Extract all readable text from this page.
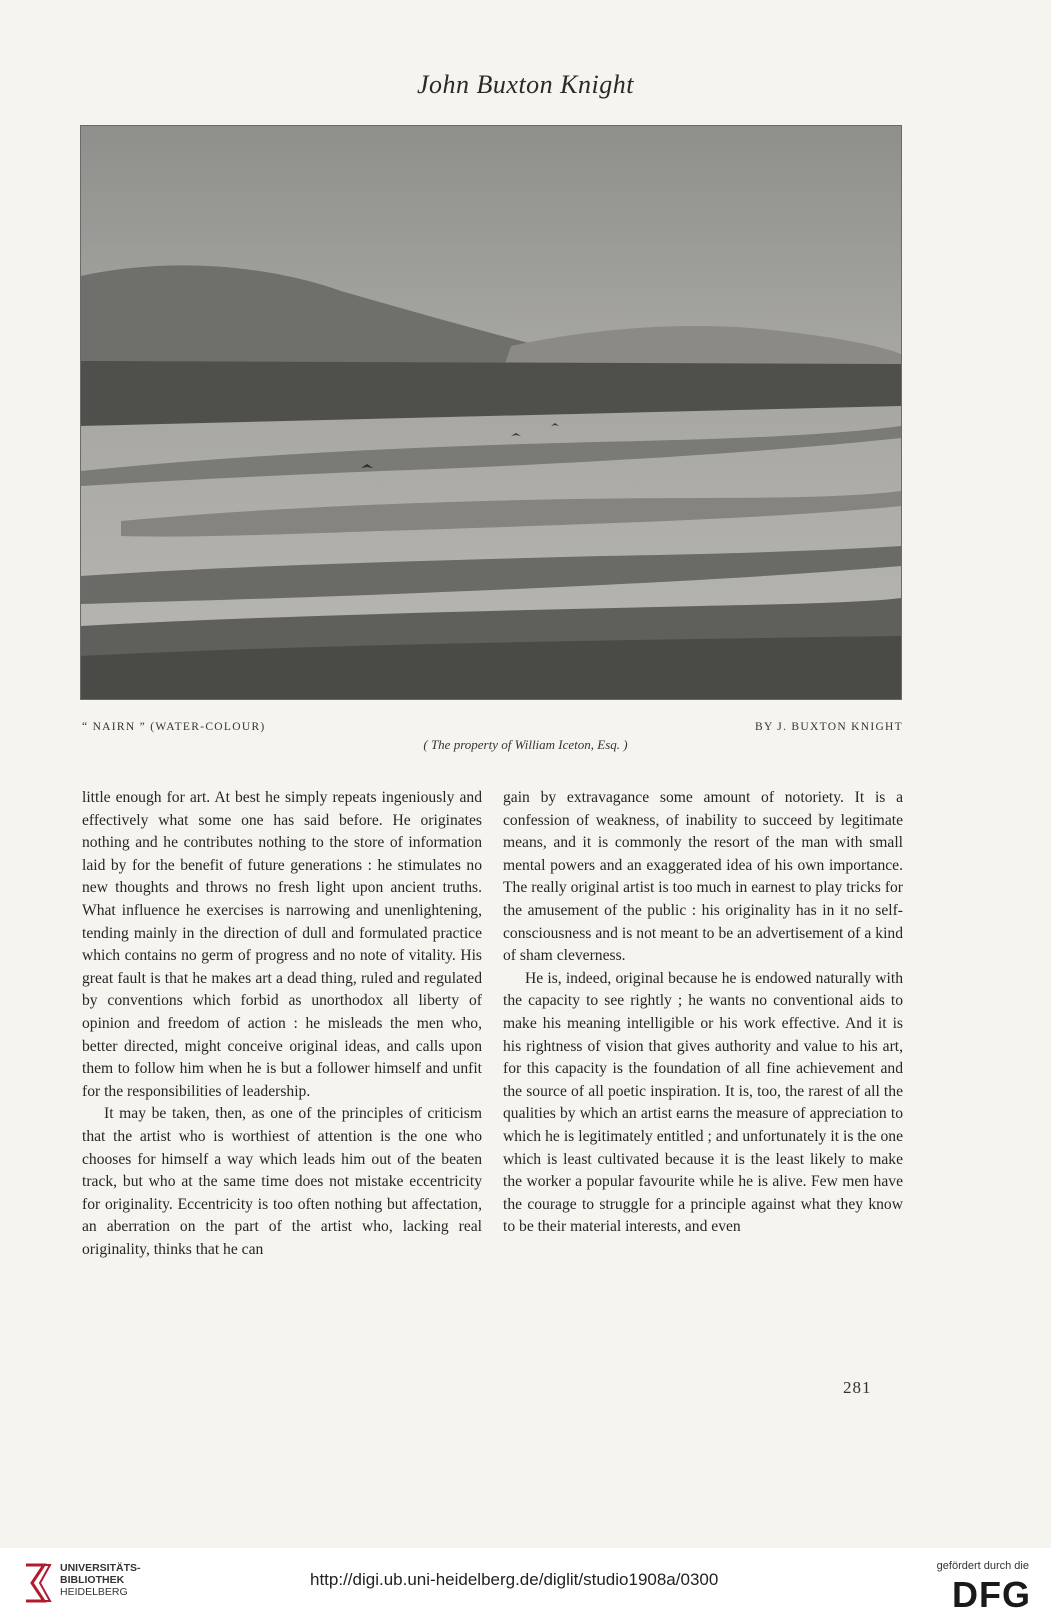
John Buxton Knight
“ NAIRN ” (WATER-COLOUR)	BY J. BUXTON KNIGHT
( The property of William Iceton, Esq. )

little enough for art. At best he simply repeats ingeniously and effectively what some one has said before. He originates nothing and he contributes nothing to the store of information laid by for the benefit of future generations : he stimulates no new thoughts and throws no fresh light upon ancient truths. What influence he exercises is narrowing and unenlightening, tending mainly in the direction of dull and formulated practice which contains no germ of progress and no note of vitality. His great fault is that he makes art a dead thing, ruled and regulated by conventions which forbid as unorthodox all liberty of opinion and freedom of action : he misleads the men who, better directed, might conceive original ideas, and calls upon them to follow him when he is but a follower himself and unfit for the responsibilities of leadership.

It may be taken, then, as one of the principles of criticism that the artist who is worthiest of attention is the one who chooses for himself a way which leads him out of the beaten track, but who at the same time does not mistake eccentricity for originality. Eccentricity is too often nothing but affectation, an aberration on the part of the artist who, lacking real originality, thinks that he can

gain by extravagance some amount of notoriety. It is a confession of weakness, of inability to succeed by legitimate means, and it is commonly the resort of the man with small mental powers and an exaggerated idea of his own importance. The really original artist is too much in earnest to play tricks for the amusement of the public : his originality has in it no self-consciousness and is not meant to be an advertisement of a kind of sham cleverness.

He is, indeed, original because he is endowed naturally with the capacity to see rightly ; he wants no conventional aids to make his meaning intelligible or his work effective. And it is his rightness of vision that gives authority and value to his art, for this capacity is the foundation of all fine achievement and the source of all poetic inspiration. It is, too, the rarest of all the qualities by which an artist earns the measure of appreciation to which he is legitimately entitled ; and unfortunately it is the one which is least cultivated because it is the least likely to make the worker a popular favourite while he is alive. Few men have the courage to struggle for a principle against what they know to be their material interests, and even

281
UNIVERSITÄTS-
BIBLIOTHEK
HEIDELBERG
http://digi.ub.uni-heidelberg.de/diglit/studio1908a/0300
gefördert durch die
DFG
